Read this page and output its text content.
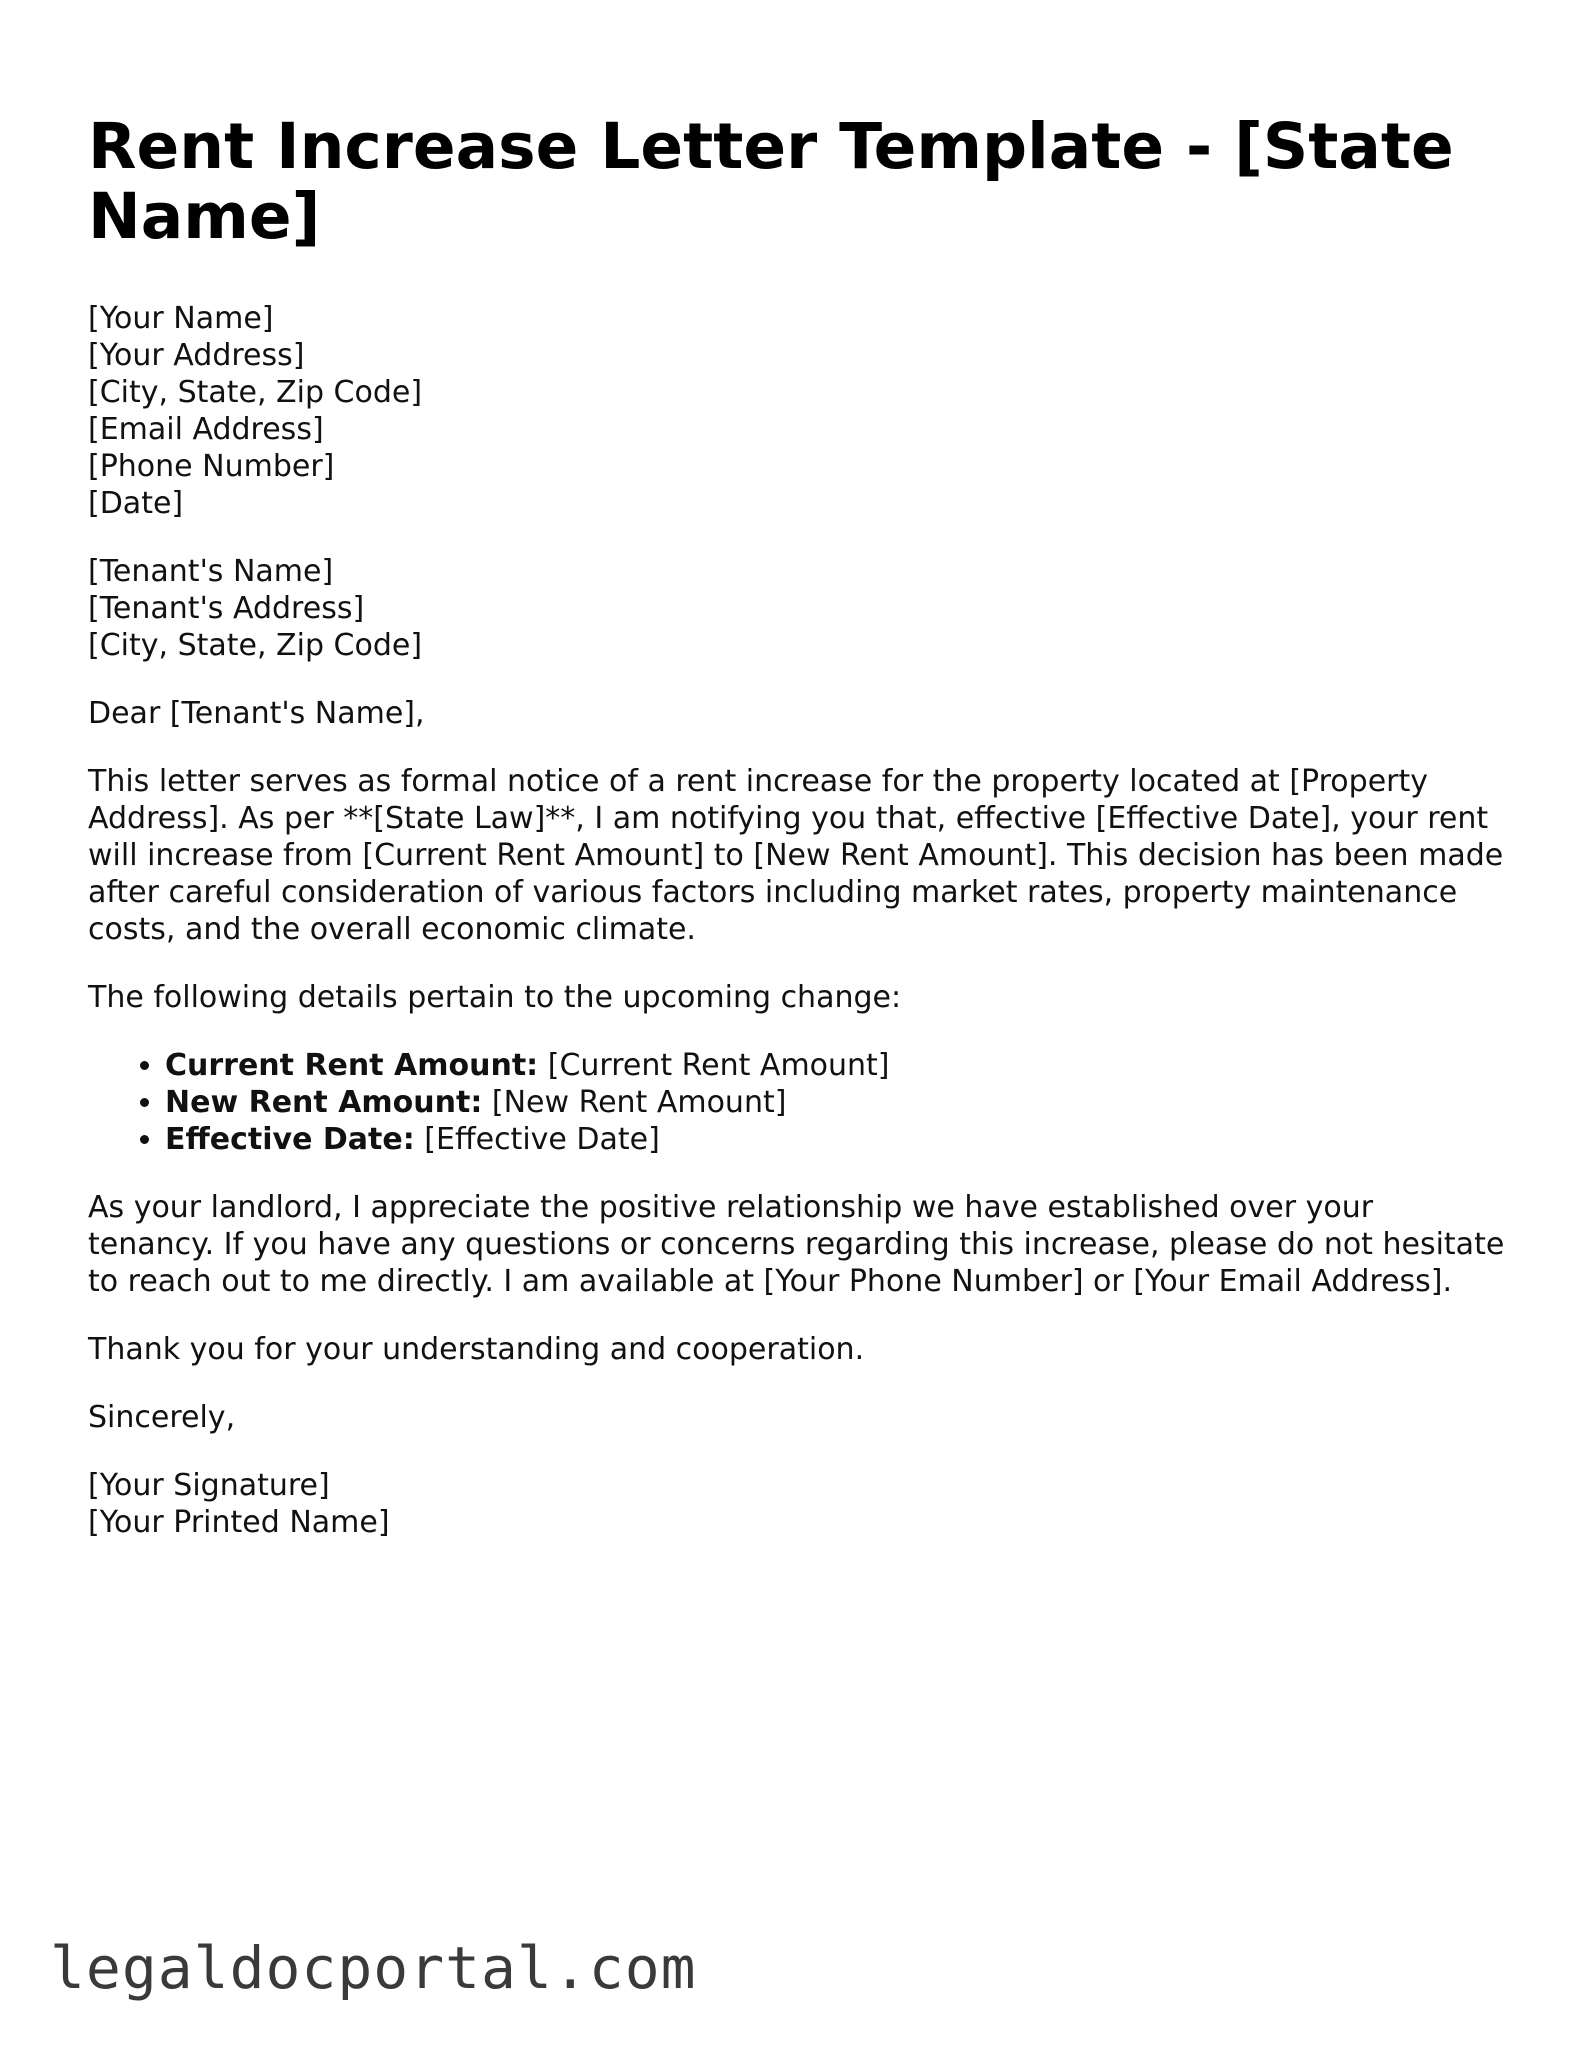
Rent Increase Letter Template - [State Name]
[Your Name]
[Your Address]
[City, State, Zip Code]
[Email Address]
[Phone Number]
[Date]
[Tenant's Name]
[Tenant's Address]
[City, State, Zip Code]

Dear [Tenant's Name],

This letter serves as formal notice of a rent increase for the property located at [Property Address]. As per **[State Law]**, I am notifying you that, effective [Effective Date], your rent will increase from [Current Rent Amount] to [New Rent Amount]. This decision has been made after careful consideration of various factors including market rates, property maintenance costs, and the overall economic climate.

The following details pertain to the upcoming change:

• Current Rent Amount: [Current Rent Amount]
• New Rent Amount: [New Rent Amount]
• Effective Date: [Effective Date]

As your landlord, I appreciate the positive relationship we have established over your tenancy. If you have any questions or concerns regarding this increase, please do not hesitate to reach out to me directly. I am available at [Your Phone Number] or [Your Email Address].

Thank you for your understanding and cooperation.

Sincerely,

[Your Signature]
[Your Printed Name]
legaldocportal.com
